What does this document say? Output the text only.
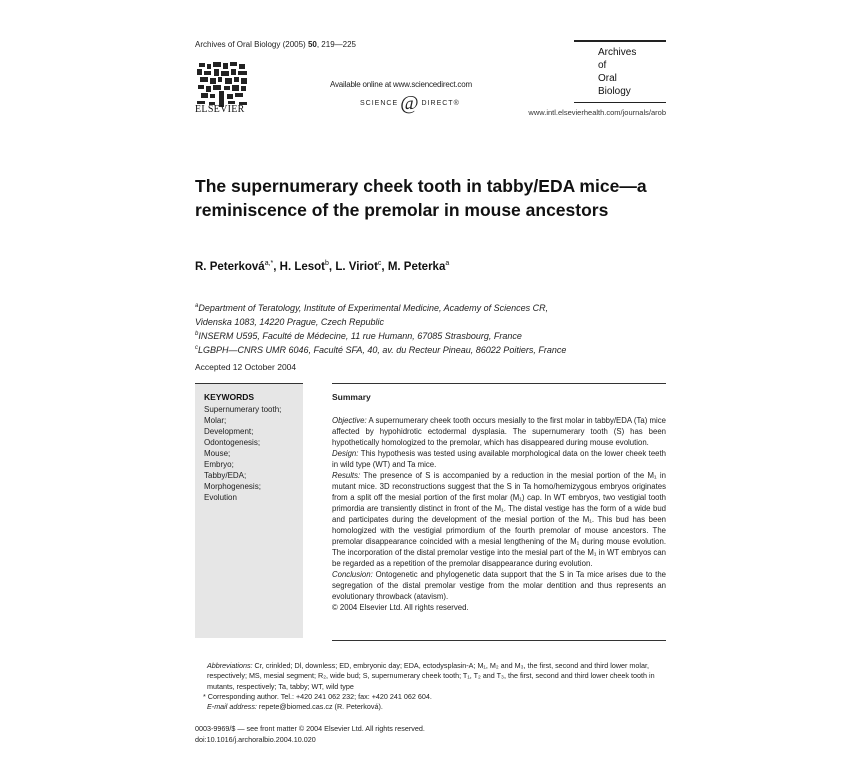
Archives of Oral Biology (2005) 50, 219—225
ELSEVIER
Available online at www.sciencedirect.com
SCIENCE @ DIRECT®
Archives
of
Oral
Biology
www.intl.elsevierhealth.com/journals/arob
The supernumerary cheek tooth in tabby/EDA mice—a reminiscence of the premolar in mouse ancestors
R. Peterková$^{a,*}$, H. Lesot$^b$, L. Viriot$^c$, M. Peterka$^a$
$^a$Department of Teratology, Institute of Experimental Medicine, Academy of Sciences CR,
Videnska 1083, 14220 Prague, Czech Republic
$^b$INSERM U595, Faculté de Médecine, 11 rue Humann, 67085 Strasbourg, France
$^c$LGBPH—CNRS UMR 6046, Faculté SFA, 40, av. du Recteur Pineau, 86022 Poitiers, France
Accepted 12 October 2004
KEYWORDS
Supernumerary tooth;
Molar;
Development;
Odontogenesis;
Mouse;
Embryo;
Tabby/EDA;
Morphogenesis;
Evolution
Summary

Objective: A supernumerary cheek tooth occurs mesially to the first molar in tabby/EDA (Ta) mice affected by hypohidrotic ectodermal dysplasia. The supernumerary tooth (S) has been hypothetically homologized to the premolar, which has disappeared during mouse evolution.

Design: This hypothesis was tested using available morphological data on the lower cheek teeth in wild type (WT) and Ta mice.

Results: The presence of S is accompanied by a reduction in the mesial portion of the M₁ in mutant mice. 3D reconstructions suggest that the S in Ta homo/hemizygous embryos originates from a split off the mesial portion of the first molar (M₁) cap. In WT embryos, two vestigial tooth primordia are transiently distinct in front of the M₁. The distal vestige has the form of a wide bud and participates during the development of the mesial portion of the M₁. This bud has been homologized with the vestigial primordium of the fourth premolar of mouse ancestors. The premolar disappearance coincided with a mesial lengthening of the M₁ during mouse evolution. The incorporation of the distal premolar vestige into the mesial part of the M₁ in WT embryos can be regarded as a repetition of the premolar disappearance during evolution.

Conclusion: Ontogenetic and phylogenetic data support that the S in Ta mice arises due to the segregation of the distal premolar vestige from the molar dentition and thus represents an evolutionary throwback (atavism).

© 2004 Elsevier Ltd. All rights reserved.

Abbreviations: Cr, crinkled; Dl, downless; ED, embryonic day; EDA, ectodysplasin-A; M₁, M₂ and M₃, the first, second and third lower molar, respectively; MS, mesial segment; R₂, wide bud; S, supernumerary cheek tooth; T₁, T₂ and T₃, the first, second and third lower cheek tooth in mutants, respectively; Ta, tabby; WT, wild type
* Corresponding author. Tel.: +420 241 062 232; fax: +420 241 062 604.
E-mail address: repete@biomed.cas.cz (R. Peterková).
0003-9969/$ — see front matter © 2004 Elsevier Ltd. All rights reserved.
doi:10.1016/j.archoralbio.2004.10.020
